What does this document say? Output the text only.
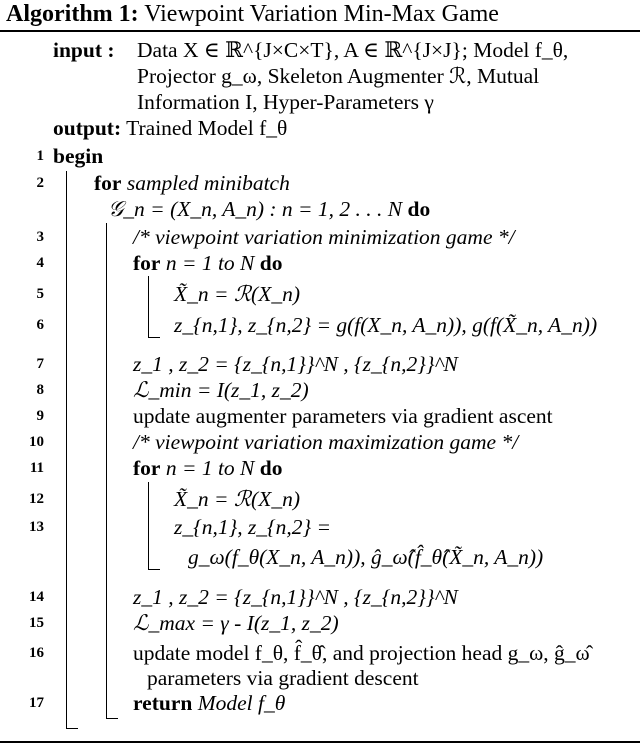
Algorithm 1: Viewpoint Variation Min-Max Game
input : Data X ∈ ℝ^{J×C×T}, A ∈ ℝ^{J×J}; Model f_θ,
Projector g_ω, Skeleton Augmenter ℛ, Mutual
Information I, Hyper-Parameters γ
output: Trained Model f_θ
1
2
3
4
5
6
7
8
9
10
11
12
13
14
15
16
17
begin
for sampled minibatch
𝒢_n = (X_n, A_n) : n = 1, 2 . . . N do
/* viewpoint variation minimization game */
for n = 1 to N do
X̃_n = ℛ(X_n)
z_{n,1}, z_{n,2} = g(f(X_n, A_n)), g(f(X̃_n, A_n))
z_1 , z_2 = {z_{n,1}}^N , {z_{n,2}}^N
ℒ_min = I(z_1, z_2)
update augmenter parameters via gradient ascent
/* viewpoint variation maximization game */
for n = 1 to N do
X̃_n = ℛ(X_n)
z_{n,1}, z_{n,2} =
g_ω(f_θ(X_n, A_n)), ĝ_ω̂(f̂_θ̂(X̃_n, A_n))
z_1 , z_2 = {z_{n,1}}^N , {z_{n,2}}^N
ℒ_max = γ - I(z_1, z_2)
update model f_θ, f̂_θ̂, and projection head g_ω, ĝ_ω̂
parameters via gradient descent
return Model f_θ
